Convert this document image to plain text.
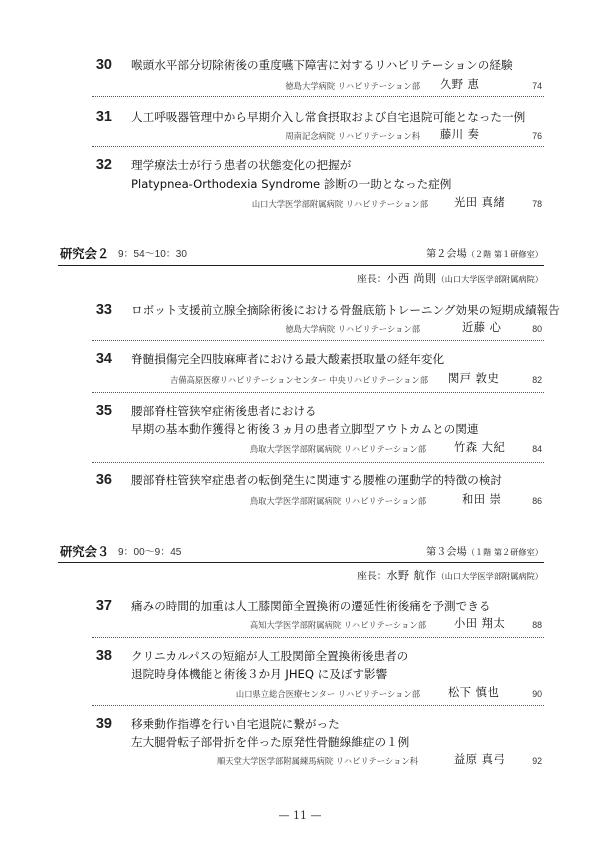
30 喉頭水平部分切除術後の重度嚥下障害に対するリハビリテーションの経験
徳島大学病院 リハビリテーション部 久野 恵	74
31 人工呼吸器管理中から早期介入し常食摂取および自宅退院可能となった一例
周南記念病院 リハビリテーション科 藤川 奏	76
32 理学療法士が行う患者の状態変化の把握が
Platypnea-Orthodexia Syndrome 診断の一助となった症例
山口大学医学部附属病院 リハビリテーション部 光田 真緒	78
研究会２ 9：54～10：30	第２会場（２階 第１研修室）
座長：小西 尚則（山口大学医学部附属病院）
33 ロボット支援前立腺全摘除術後における骨盤底筋トレーニング効果の短期成績報告
徳島大学病院 リハビリテーション部	近藤 心	80
34 脊髄損傷完全四肢麻痺者における最大酸素摂取量の経年変化
吉備高原医療リハビリテーションセンター 中央リハビリテーション部 関戸 敦史	82
35 腰部脊柱管狭窄症術後患者における
早期の基本動作獲得と術後３ヵ月の患者立脚型アウトカムとの関連
鳥取大学医学部附属病院 リハビリテーション部 竹森 大紀	84
36 腰部脊柱管狭窄症患者の転倒発生に関連する腰椎の運動学的特徴の検討
鳥取大学医学部附属病院 リハビリテーション部	和田 崇	86
研究会３ 9：00～9：45	第３会場（１階 第２研修室）
座長：水野 航作（山口大学医学部附属病院）
37 痛みの時間的加重は人工膝関節全置換術の遷延性術後痛を予測できる
高知大学医学部附属病院 リハビリテーション部 小田 翔太	88
38 クリニカルパスの短縮が人工股関節全置換術後患者の
退院時身体機能と術後３か月 JHEQ に及ぼす影響
山口県立総合医療センター リハビリテーション部 松下 慎也	90
39 移乗動作指導を行い自宅退院に繋がった
左大腿骨転子部骨折を伴った原発性骨髄線維症の１例
順天堂大学医学部附属練馬病院 リハビリテーション科	益原 真弓	92
— 11 —
